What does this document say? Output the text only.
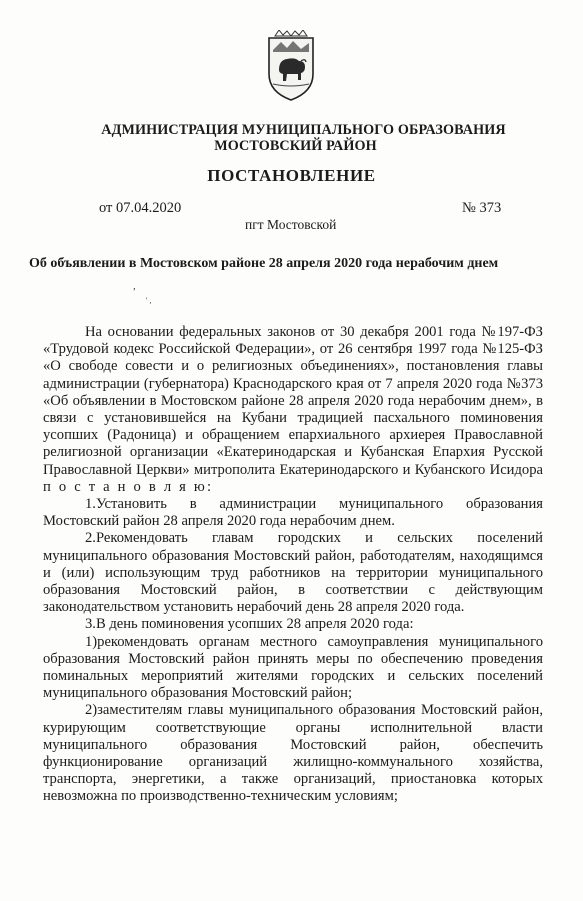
АДМИНИСТРАЦИЯ МУНИЦИПАЛЬНОГО ОБРАЗОВАНИЯ
МОСТОВСКИЙ РАЙОН
ПОСТАНОВЛЕНИЕ
от 07.04.2020	№ 373
пгт Мостовской
Об объявлении в Мостовском районе 28 апреля 2020 года нерабочим днем
,
' ,

На основании федеральных законов от 30 декабря 2001 года №197-ФЗ «Трудовой кодекс Российской Федерации», от 26 сентября 1997 года №125-ФЗ «О свободе совести и о религиозных объединениях», постановления главы администрации (губернатора) Краснодарского края от 7 апреля 2020 года №373 «Об объявлении в Мостовском районе 28 апреля 2020 года нерабочим днем», в связи с установившейся на Кубани традицией пасхального поминовения усопших (Радоница) и обращением епархиального архиерея Православной религиозной организации «Екатеринодарская и Кубанская Епархия Русской Православной Церкви» митрополита Екатеринодарского и Кубанского Исидора п о с т а н о в л я ю:

1.Установить в администрации муниципального образования Мостовский район 28 апреля 2020 года нерабочим днем.

2.Рекомендовать главам городских и сельских поселений муниципального образования Мостовский район, работодателям, находящимся и (или) использующим труд работников на территории муниципального образования Мостовский район, в соответствии с действующим законодательством установить нерабочий день 28 апреля 2020 года.

3.В день поминовения усопших 28 апреля 2020 года:

1)рекомендовать органам местного самоуправления муниципального образования Мостовский район принять меры по обеспечению проведения поминальных мероприятий жителями городских и сельских поселений муниципального образования Мостовский район;

2)заместителям главы муниципального образования Мостовский район, курирующим соответствующие органы исполнительной власти муниципального образования Мостовский район, обеспечить функционирование организаций жилищно-коммунального хозяйства, транспорта, энергетики, а также организаций, приостановка которых невозможна по производственно-техническим условиям;
